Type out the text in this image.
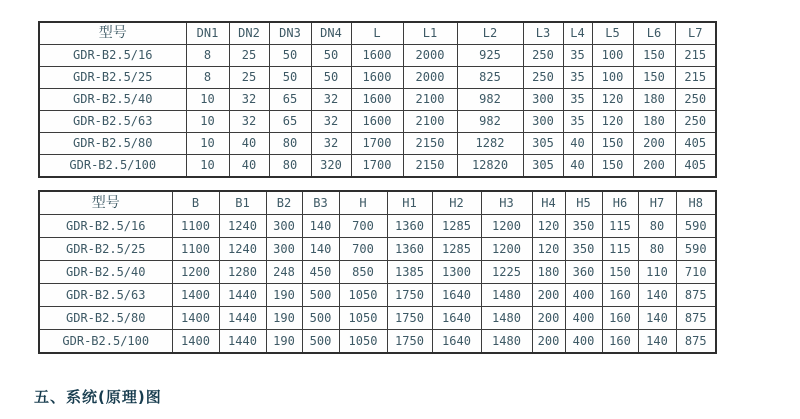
型号	DN1	DN2	DN3	DN4	L	L1	L2	L3	L4	L5	L6	L7
GDR-B2.5/16	8	25	50	50	1600	2000	925	250	35	100	150	215
GDR-B2.5/25	8	25	50	50	1600	2000	825	250	35	100	150	215
GDR-B2.5/40	10	32	65	32	1600	2100	982	300	35	120	180	250
GDR-B2.5/63	10	32	65	32	1600	2100	982	300	35	120	180	250
GDR-B2.5/80	10	40	80	32	1700	2150	1282	305	40	150	200	405
GDR-B2.5/100	10	40	80	320	1700	2150	12820	305	40	150	200	405
型号	B	B1	B2	B3	H	H1	H2	H3	H4	H5	H6	H7	H8
GDR-B2.5/16	1100	1240	300	140	700	1360	1285	1200	120	350	115	80	590
GDR-B2.5/25	1100	1240	300	140	700	1360	1285	1200	120	350	115	80	590
GDR-B2.5/40	1200	1280	248	450	850	1385	1300	1225	180	360	150	110	710
GDR-B2.5/63	1400	1440	190	500	1050	1750	1640	1480	200	400	160	140	875
GDR-B2.5/80	1400	1440	190	500	1050	1750	1640	1480	200	400	160	140	875
GDR-B2.5/100	1400	1440	190	500	1050	1750	1640	1480	200	400	160	140	875
五、系统(原理)图
